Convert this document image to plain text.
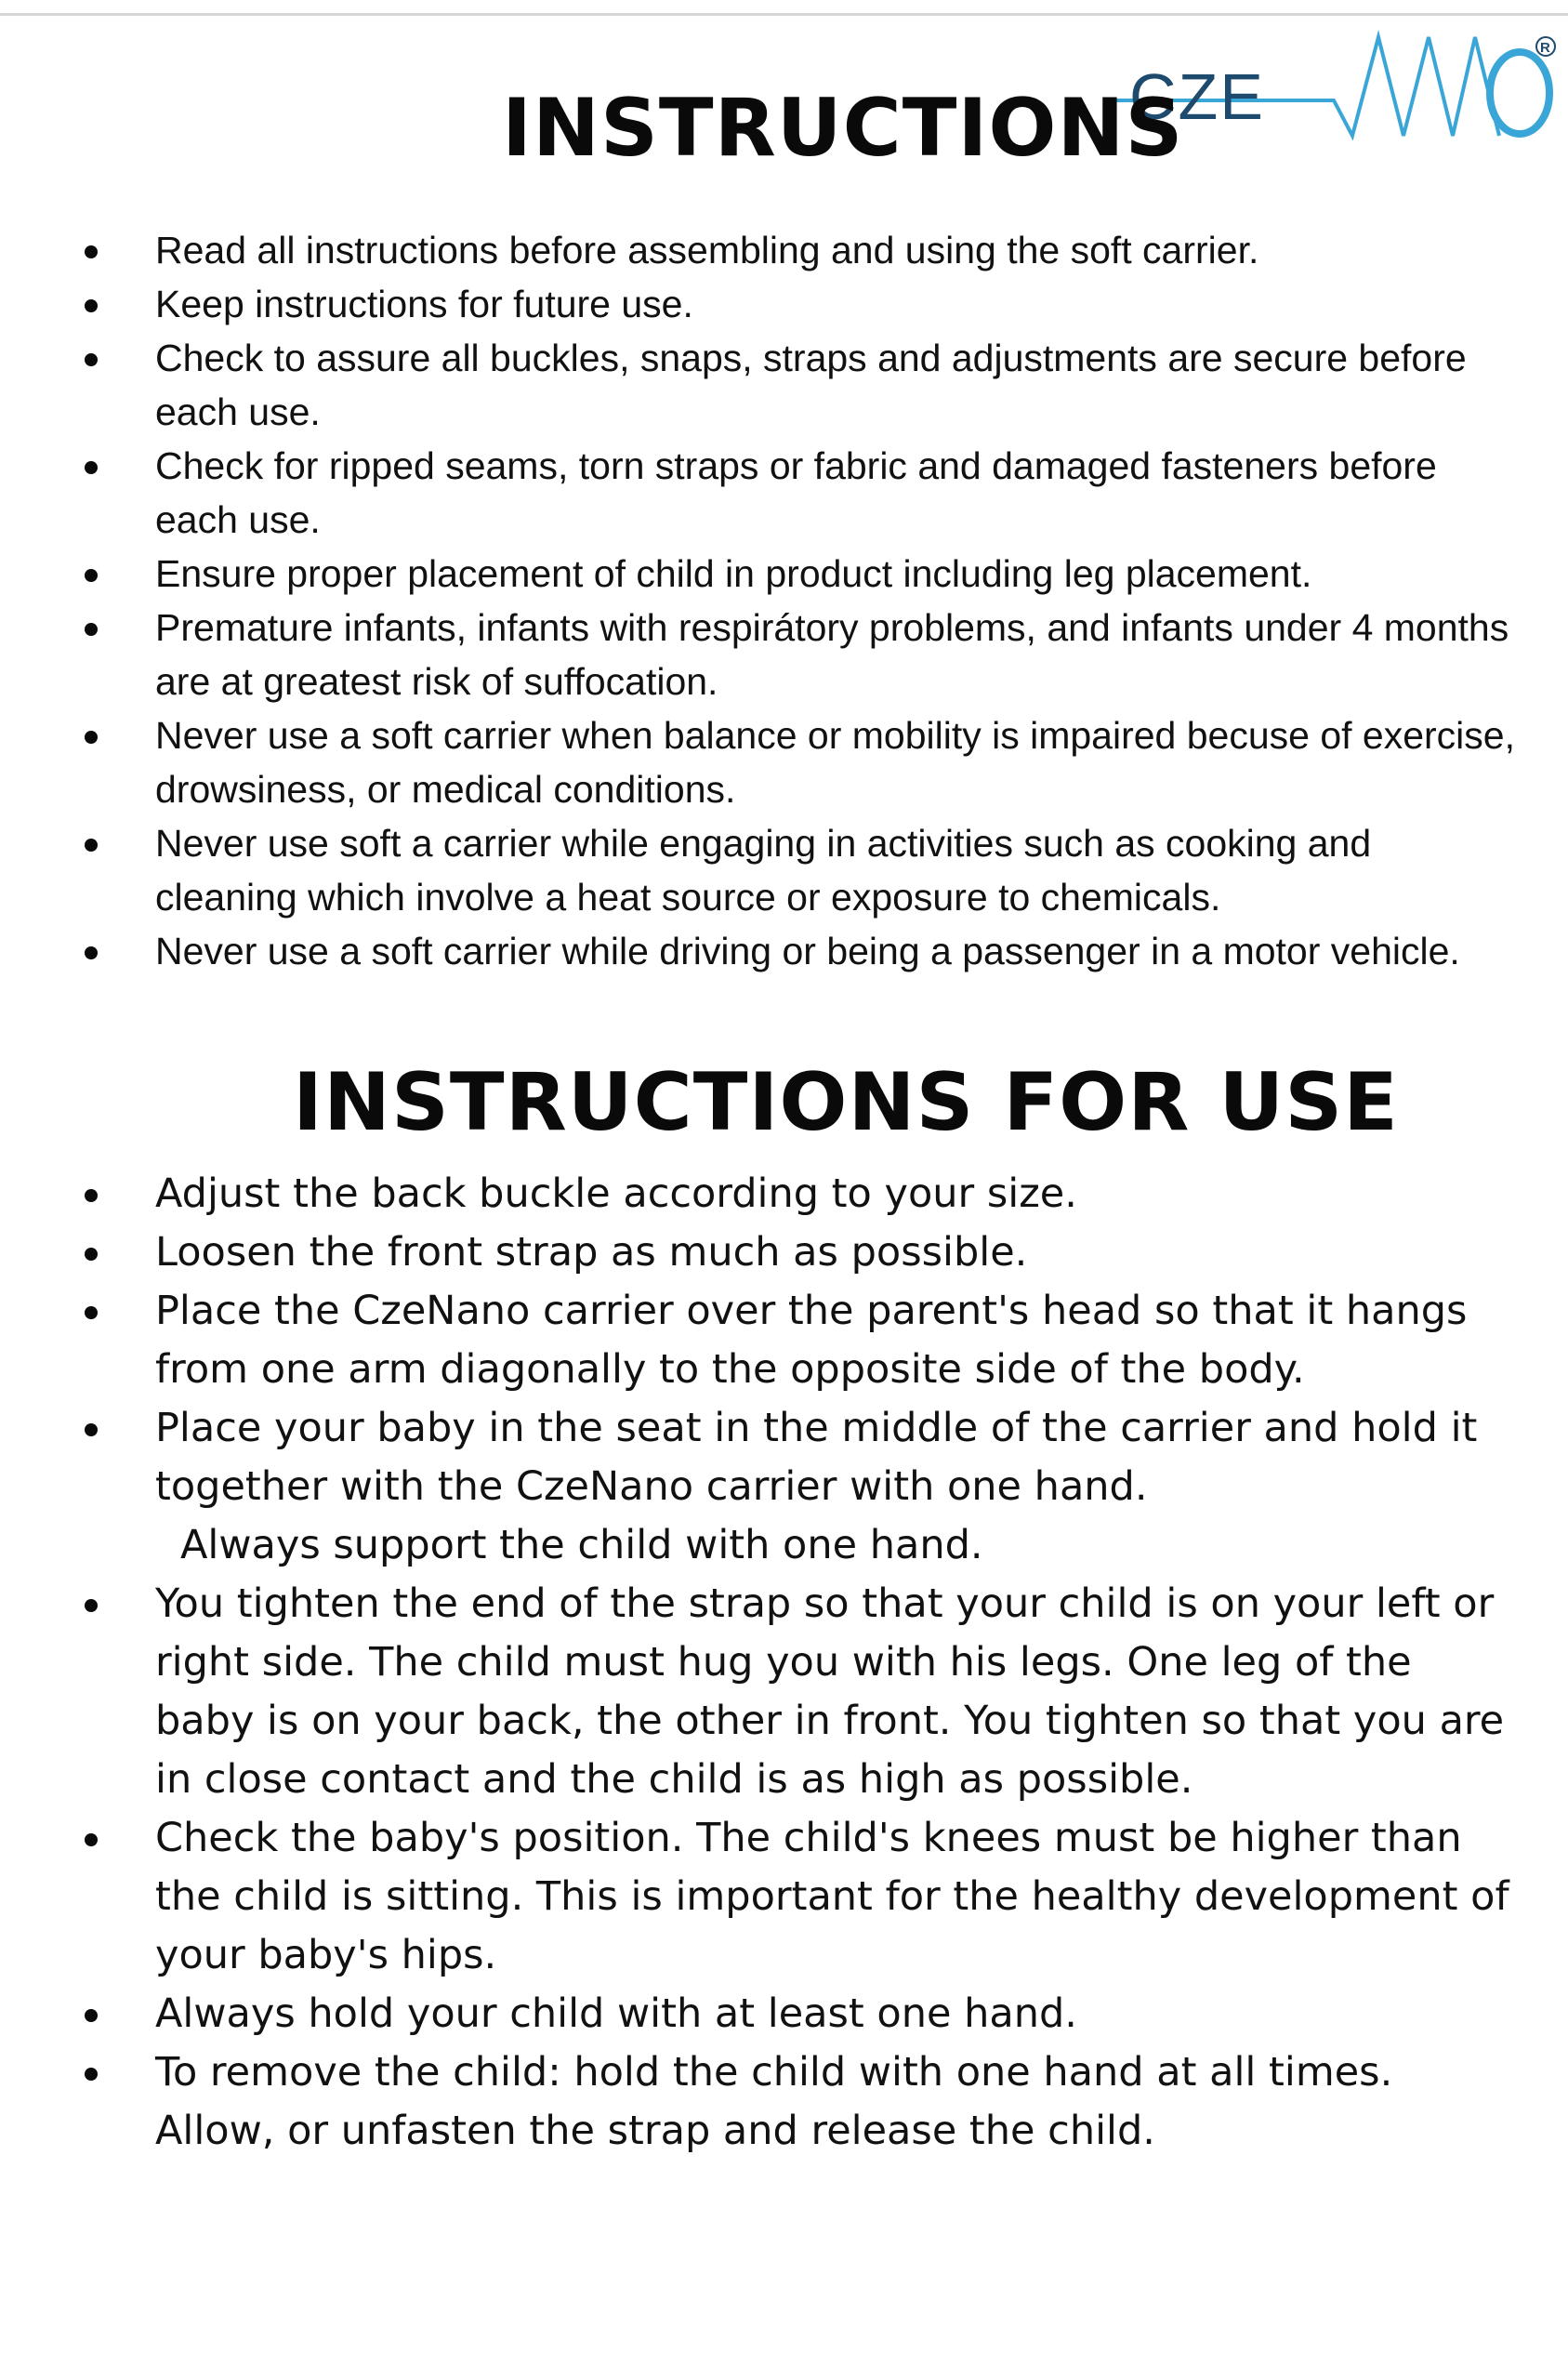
CZE
R
INSTRUCTIONS
Read all instructions before assembling and using the soft carrier.
Keep instructions for future use.
Check to assure all buckles, snaps, straps and adjustments are secure before each use.
Check for ripped seams, torn straps or fabric and damaged fasteners before each use.
Ensure proper placement of child in product including leg placement.
Premature infants, infants with respirátory problems, and infants under 4 months are at greatest risk of suffocation.
Never use a soft carrier when balance or mobility is impaired becuse of exercise, drowsiness, or medical conditions.
Never use soft a carrier while engaging in activities such as cooking and cleaning which involve a heat source or exposure to chemicals.
Never use a soft carrier while driving or being a passenger in a motor vehicle.
INSTRUCTIONS FOR USE
Adjust the back buckle according to your size.
Loosen the front strap as much as possible.
Place the CzeNano carrier over the parent's head so that it hangs from one arm diagonally to the opposite side of the body.
Place your baby in the seat in the middle of the carrier and hold it together with the CzeNano carrier with one hand.
Always support the child with one hand.
You tighten the end of the strap so that your child is on your left or right side. The child must hug you with his legs. One leg of the baby is on your back, the other in front. You tighten so that you are in close contact and the child is as high as possible.
Check the baby's position. The child's knees must be higher than the child is sitting. This is important for the healthy development of your baby's hips.
Always hold your child with at least one hand.
To remove the child: hold the child with one hand at all times. Allow, or unfasten the strap and release the child.
